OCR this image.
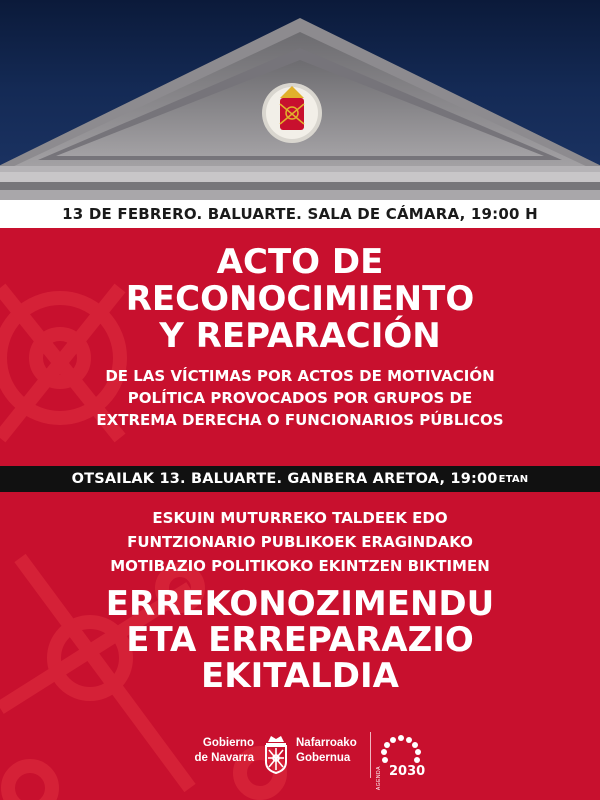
13 DE FEBRERO. BALUARTE. SALA DE CÁMARA, 19:00 H
ACTO DE
RECONOCIMIENTO
Y REPARACIÓN
DE LAS VÍCTIMAS POR ACTOS DE MOTIVACIÓN
POLÍTICA PROVOCADOS POR GRUPOS DE
EXTREMA DERECHA O FUNCIONARIOS PÚBLICOS
OTSAILAK 13. BALUARTE. GANBERA ARETOA, 19:00 ETAN
ESKUIN MUTURREKO TALDEEK EDO
FUNTZIONARIO PUBLIKOEK ERAGINDAKO
MOTIBAZIO POLITIKOKO EKINTZEN BIKTIMEN
ERREKONOZIMENDU
ETA ERREPARAZIO
EKITALDIA
Gobierno
de Navarra
Nafarroako
Gobernua
AGENDA 2030
